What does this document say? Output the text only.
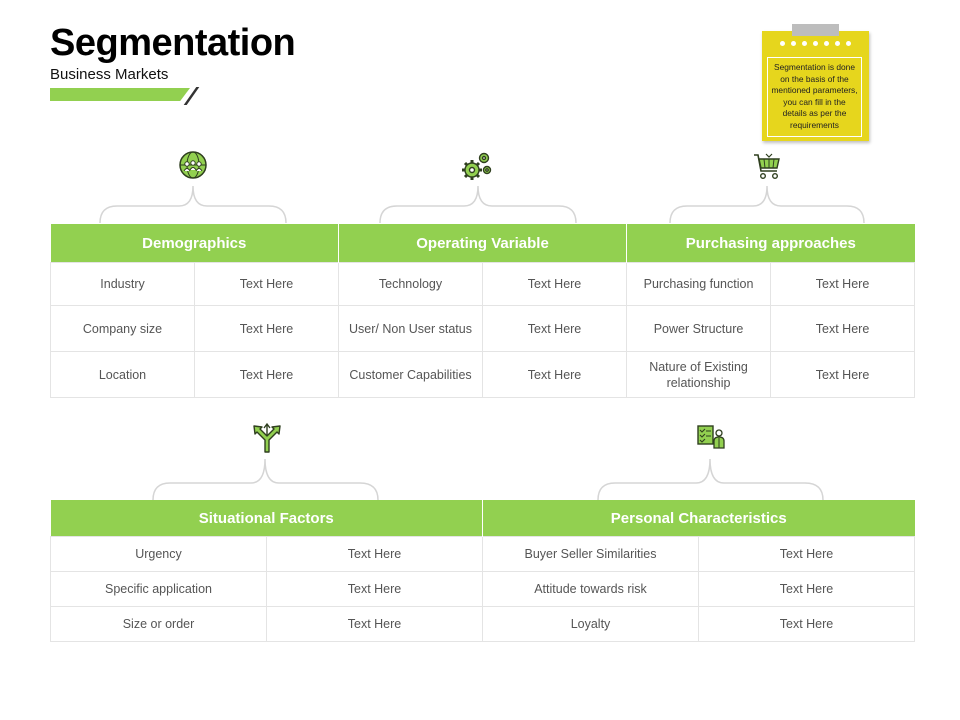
Segmentation
Business Markets	Segmentation is done on the basis of the mentioned parameters, you can fill in the details as per the requirements
Demographics		Operating Variable		Purchasing approaches	
Industry	Text Here	Technology	Text Here	Purchasing function	Text Here
Company size	Text Here	User/ Non User status	Text Here	Power Structure	Text Here
Location	Text Here	Customer Capabilities	Text Here	Nature of Existing relationship	Text Here
Situational Factors		Personal Characteristics	
Urgency	Text Here	Buyer Seller Similarities	Text Here
Specific application	Text Here	Attitude towards risk	Text Here
Size or order	Text Here	Loyalty	Text Here
